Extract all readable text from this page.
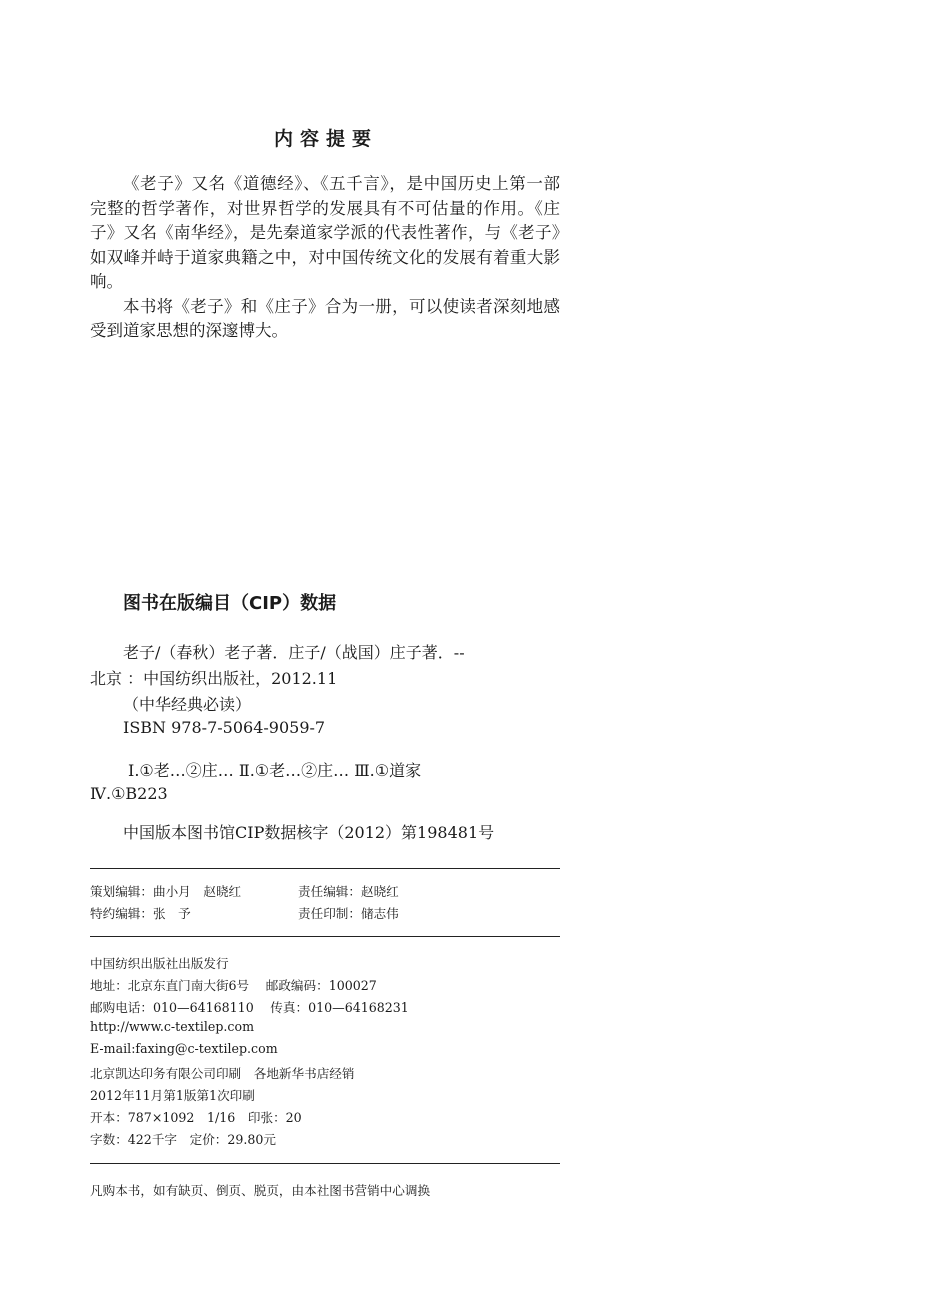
内容提要

《老子》又名《道德经》、《五千言》，是中国历史上第一部完整的哲学著作，对世界哲学的发展具有不可估量的作用。《庄子》又名《南华经》，是先秦道家学派的代表性著作，与《老子》如双峰并峙于道家典籍之中，对中国传统文化的发展有着重大影响。

本书将《老子》和《庄子》合为一册，可以使读者深刻地感受到道家思想的深邃博大。

图书在版编目（CIP）数据
老子/（春秋）老子著．庄子/（战国）庄子著．--
北京 ：中国纺织出版社，2012.11
（中华经典必读）
ISBN 978-7-5064-9059-7
Ⅰ.①老…②庄… Ⅱ.①老…②庄… Ⅲ.①道家
Ⅳ.①B223
中国版本图书馆CIP数据核字（2012）第198481号
策划编辑：曲小月　赵晓红	责任编辑：赵晓红
特约编辑：张　予	责任印制：储志伟
中国纺织出版社出版发行
地址：北京东直门南大街6号　 邮政编码：100027
邮购电话：010—64168110　 传真：010—64168231
http://www.c-textilep.com
E-mail:faxing@c-textilep.com
北京凯达印务有限公司印刷　各地新华书店经销
2012年11月第1版第1次印刷
开本：787×1092　1/16　印张：20
字数：422千字　定价：29.80元
凡购本书，如有缺页、倒页、脱页，由本社图书营销中心调换
